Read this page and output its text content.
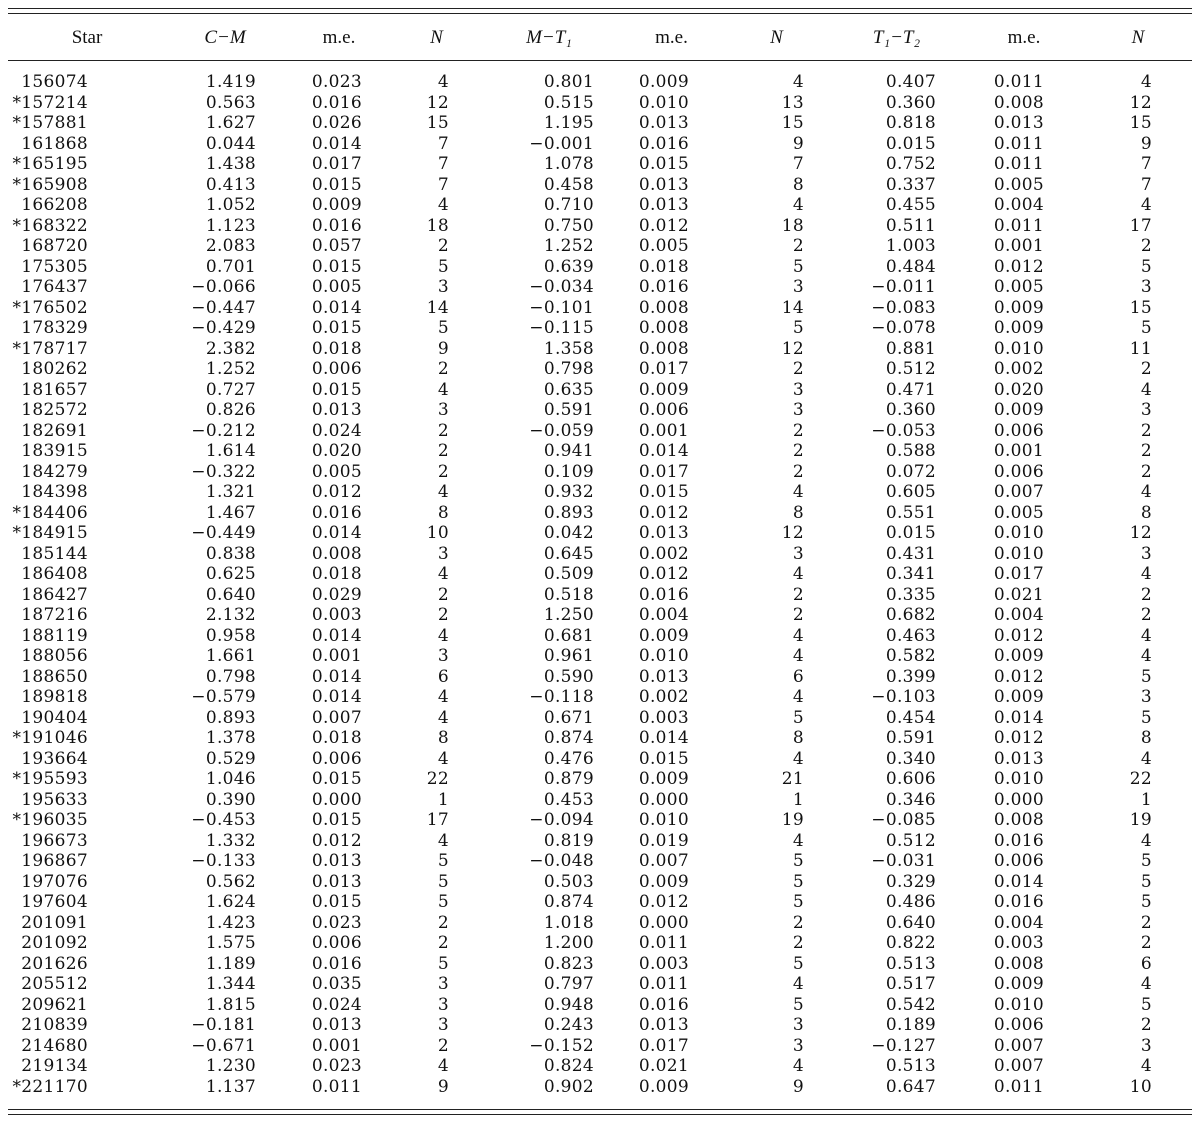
Star	C−M	m.e.	N	M−T₁	m.e.	N	T₁−T₂	m.e.	N

156074	1.419	0.023	4	0.801	0.009	4	0.407	0.011	4
*157214	0.563	0.016	12	0.515	0.010	13	0.360	0.008	12
*157881	1.627	0.026	15	1.195	0.013	15	0.818	0.013	15
161868	0.044	0.014	7	−0.001	0.016	9	0.015	0.011	9
*165195	1.438	0.017	7	1.078	0.015	7	0.752	0.011	7
*165908	0.413	0.015	7	0.458	0.013	8	0.337	0.005	7
166208	1.052	0.009	4	0.710	0.013	4	0.455	0.004	4
*168322	1.123	0.016	18	0.750	0.012	18	0.511	0.011	17
168720	2.083	0.057	2	1.252	0.005	2	1.003	0.001	2
175305	0.701	0.015	5	0.639	0.018	5	0.484	0.012	5
176437	−0.066	0.005	3	−0.034	0.016	3	−0.011	0.005	3
*176502	−0.447	0.014	14	−0.101	0.008	14	−0.083	0.009	15
178329	−0.429	0.015	5	−0.115	0.008	5	−0.078	0.009	5
*178717	2.382	0.018	9	1.358	0.008	12	0.881	0.010	11
180262	1.252	0.006	2	0.798	0.017	2	0.512	0.002	2
181657	0.727	0.015	4	0.635	0.009	3	0.471	0.020	4
182572	0.826	0.013	3	0.591	0.006	3	0.360	0.009	3
182691	−0.212	0.024	2	−0.059	0.001	2	−0.053	0.006	2
183915	1.614	0.020	2	0.941	0.014	2	0.588	0.001	2
184279	−0.322	0.005	2	0.109	0.017	2	0.072	0.006	2
184398	1.321	0.012	4	0.932	0.015	4	0.605	0.007	4
*184406	1.467	0.016	8	0.893	0.012	8	0.551	0.005	8
*184915	−0.449	0.014	10	0.042	0.013	12	0.015	0.010	12
185144	0.838	0.008	3	0.645	0.002	3	0.431	0.010	3
186408	0.625	0.018	4	0.509	0.012	4	0.341	0.017	4
186427	0.640	0.029	2	0.518	0.016	2	0.335	0.021	2
187216	2.132	0.003	2	1.250	0.004	2	0.682	0.004	2
188119	0.958	0.014	4	0.681	0.009	4	0.463	0.012	4
188056	1.661	0.001	3	0.961	0.010	4	0.582	0.009	4
188650	0.798	0.014	6	0.590	0.013	6	0.399	0.012	5
189818	−0.579	0.014	4	−0.118	0.002	4	−0.103	0.009	3
190404	0.893	0.007	4	0.671	0.003	5	0.454	0.014	5
*191046	1.378	0.018	8	0.874	0.014	8	0.591	0.012	8
193664	0.529	0.006	4	0.476	0.015	4	0.340	0.013	4
*195593	1.046	0.015	22	0.879	0.009	21	0.606	0.010	22
195633	0.390	0.000	1	0.453	0.000	1	0.346	0.000	1
*196035	−0.453	0.015	17	−0.094	0.010	19	−0.085	0.008	19
196673	1.332	0.012	4	0.819	0.019	4	0.512	0.016	4
196867	−0.133	0.013	5	−0.048	0.007	5	−0.031	0.006	5
197076	0.562	0.013	5	0.503	0.009	5	0.329	0.014	5
197604	1.624	0.015	5	0.874	0.012	5	0.486	0.016	5
201091	1.423	0.023	2	1.018	0.000	2	0.640	0.004	2
201092	1.575	0.006	2	1.200	0.011	2	0.822	0.003	2
201626	1.189	0.016	5	0.823	0.003	5	0.513	0.008	6
205512	1.344	0.035	3	0.797	0.011	4	0.517	0.009	4
209621	1.815	0.024	3	0.948	0.016	5	0.542	0.010	5
210839	−0.181	0.013	3	0.243	0.013	3	0.189	0.006	2
214680	−0.671	0.001	2	−0.152	0.017	3	−0.127	0.007	3
219134	1.230	0.023	4	0.824	0.021	4	0.513	0.007	4
*221170	1.137	0.011	9	0.902	0.009	9	0.647	0.011	10
